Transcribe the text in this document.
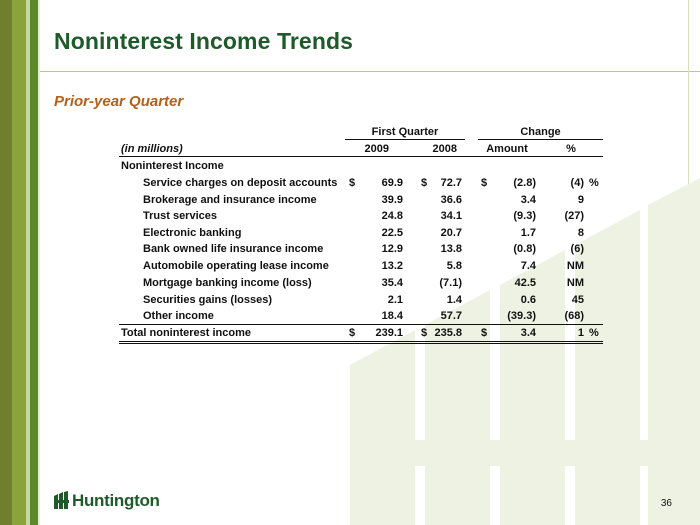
Noninterest Income Trends
Prior-year Quarter
First Quarter	Change
(in millions)	2009	2008	Amount	%
Noninterest Income
Service charges on deposit accounts $	69.9 $	72.7 $	(2.8)	(4) %
Brokerage and insurance income	39.9	36.6	3.4	9
Trust services	24.8	34.1	(9.3)	(27)
Electronic banking	22.5	20.7	1.7	8
Bank owned life insurance income	12.9	13.8	(0.8)	(6)
Automobile operating lease income	13.2	5.8	7.4	NM
Mortgage banking income (loss)	35.4	(7.1)	42.5	NM
Securities gains (losses)	2.1	1.4	0.6	45
Other income	18.4	57.7	(39.3)	(68)
Total noninterest income	$	239.1 $ 235.8 $	3.4	1 %
Huntington	36
